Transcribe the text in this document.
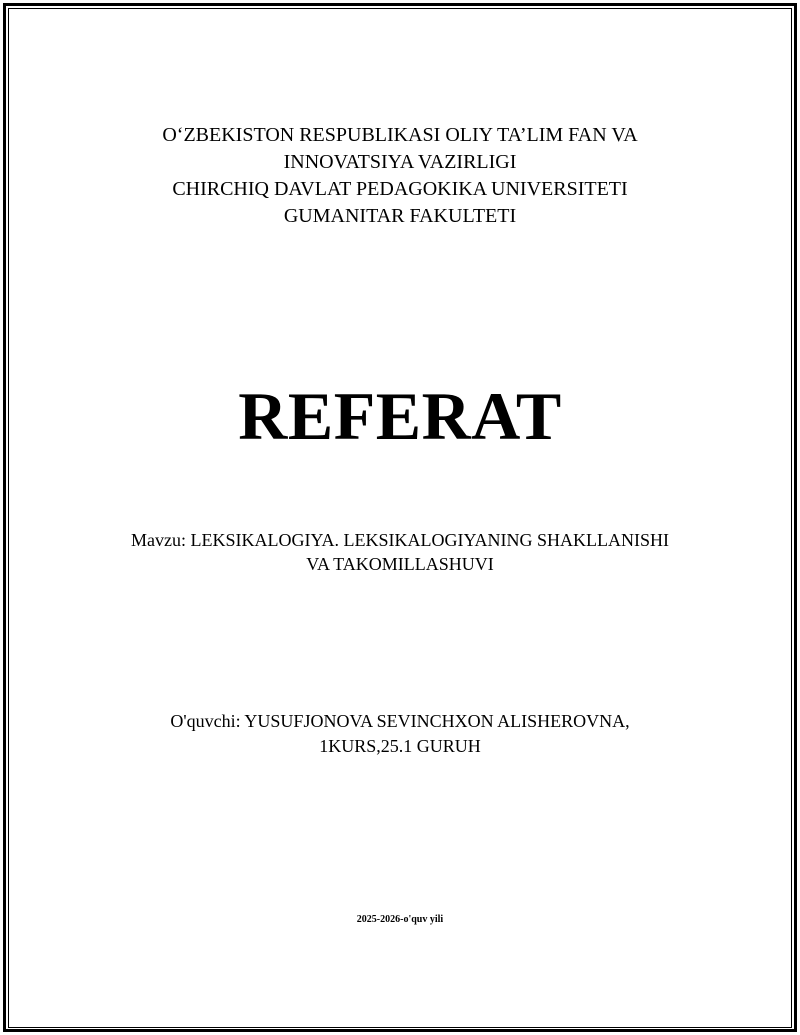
O‘ZBEKISTON RESPUBLIKASI OLIY TA’LIM FAN VA
INNOVATSIYA VAZIRLIGI
CHIRCHIQ DAVLAT PEDAGOKIKA UNIVERSITETI
GUMANITAR FAKULTETI
REFERAT
Mavzu: LEKSIKALOGIYA. LEKSIKALOGIYANING SHAKLLANISHI
VA TAKOMILLASHUVI
O'quvchi: YUSUFJONOVA SEVINCHXON ALISHEROVNA,
1KURS,25.1 GURUH
2025-2026-o'quv yili
